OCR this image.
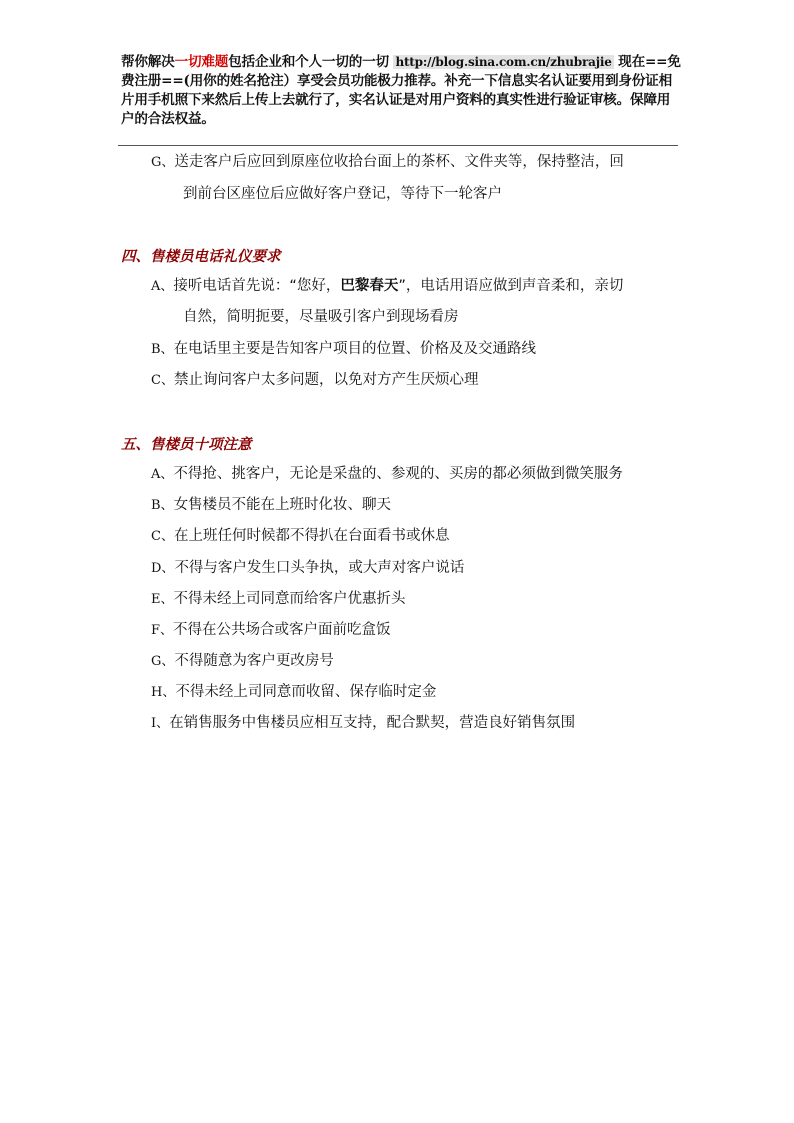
帮你解决一切难题包括企业和个人一切的一切 http://blog.sina.com.cn/zhubrajie 现在==免费注册==(用你的姓名抢注）享受会员功能极力推荐。补充一下信息实名认证要用到身份证相片用手机照下来然后上传上去就行了，实名认证是对用户资料的真实性进行验证审核。保障用户的合法权益。
G、送走客户后应回到原座位收拾台面上的茶杯、文件夹等，保持整洁，回
到前台区座位后应做好客户登记，等待下一轮客户
四、售楼员电话礼仪要求
A、接听电话首先说：“您好，巴黎春天”，电话用语应做到声音柔和，亲切
自然，简明扼要，尽量吸引客户到现场看房
B、在电话里主要是告知客户项目的位置、价格及及交通路线
C、禁止询问客户太多问题，以免对方产生厌烦心理
五、售楼员十项注意
A、不得抢、挑客户，无论是采盘的、参观的、买房的都必须做到微笑服务
B、女售楼员不能在上班时化妆、聊天
C、在上班任何时候都不得扒在台面看书或休息
D、不得与客户发生口头争执，或大声对客户说话
E、不得未经上司同意而给客户优惠折头
F、不得在公共场合或客户面前吃盒饭
G、不得随意为客户更改房号
H、不得未经上司同意而收留、保存临时定金
I、在销售服务中售楼员应相互支持，配合默契，营造良好销售氛围
